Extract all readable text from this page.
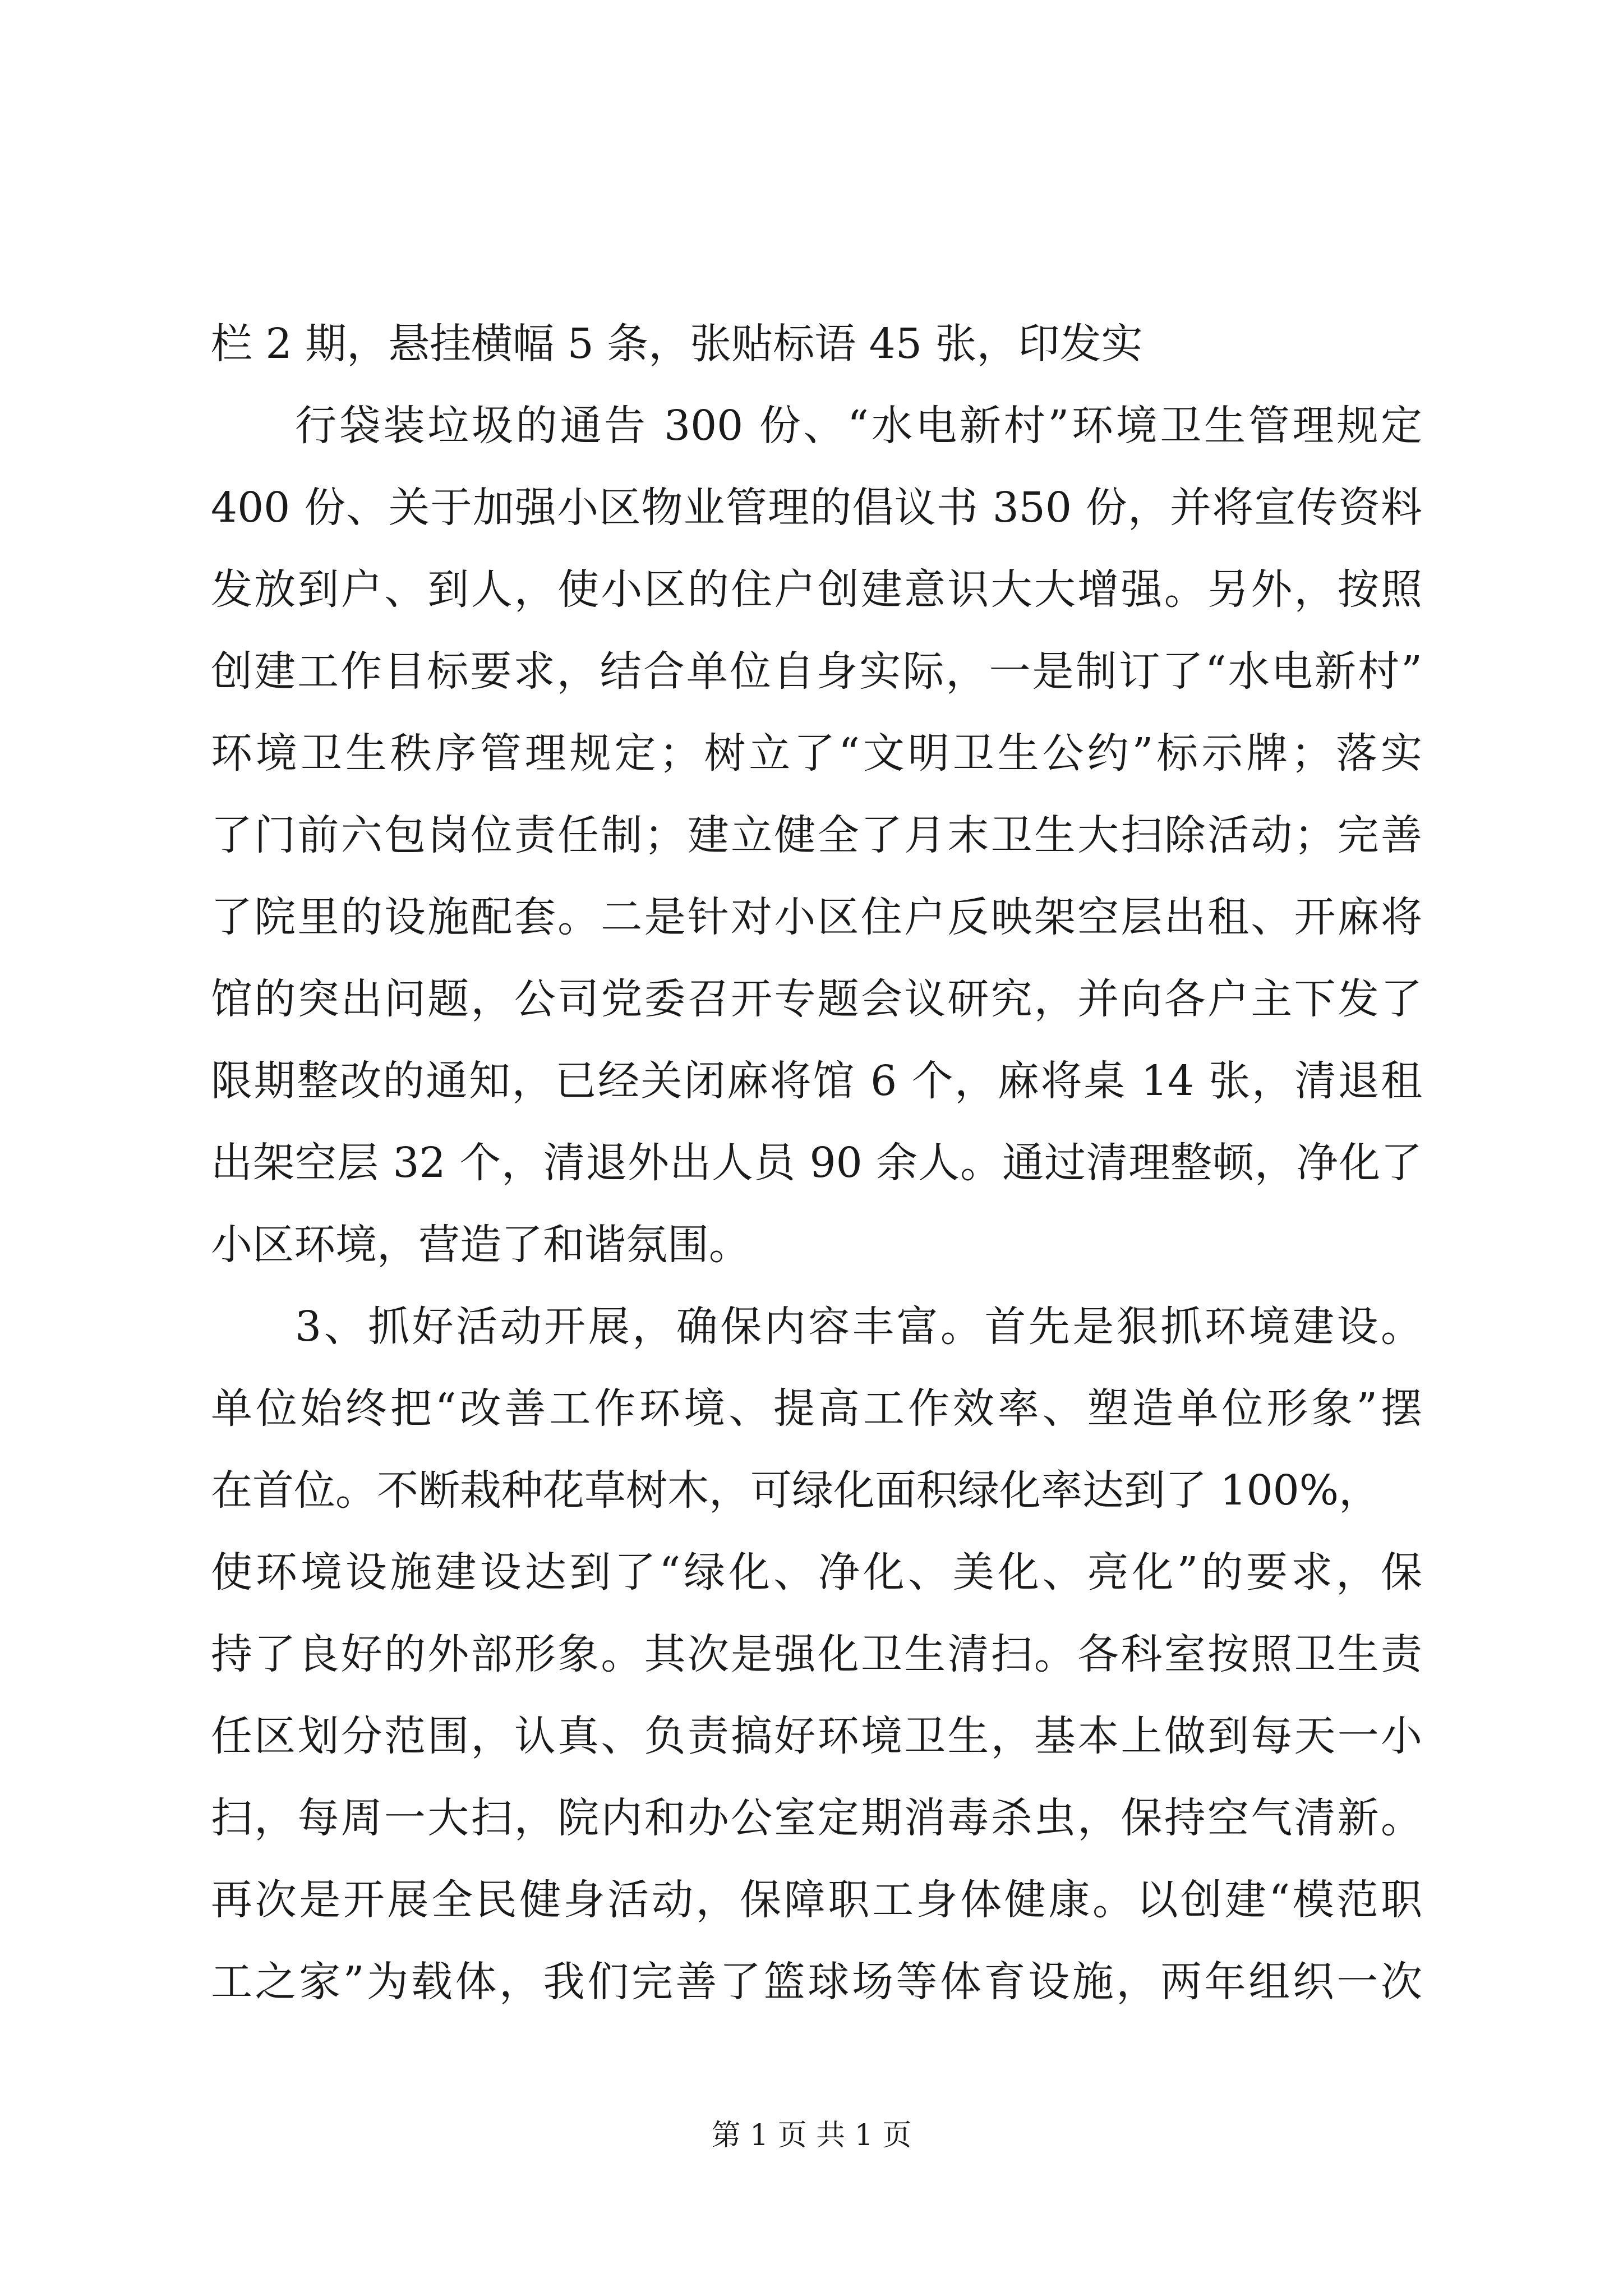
栏 2 期，悬挂横幅 5 条，张贴标语 45 张，印发实
行袋装垃圾的通告 300 份、“水电新村”环境卫生管理规定
400 份、关于加强小区物业管理的倡议书 350 份，并将宣传资料
发放到户、到人，使小区的住户创建意识大大增强。另外，按照
创建工作目标要求，结合单位自身实际，一是制订了“水电新村”
环境卫生秩序管理规定；树立了“文明卫生公约”标示牌；落实
了门前六包岗位责任制；建立健全了月末卫生大扫除活动；完善
了院里的设施配套。二是针对小区住户反映架空层出租、开麻将
馆的突出问题，公司党委召开专题会议研究，并向各户主下发了
限期整改的通知，已经关闭麻将馆 6 个，麻将桌 14 张，清退租
出架空层 32 个，清退外出人员 90 余人。通过清理整顿，净化了
小区环境，营造了和谐氛围。
3、抓好活动开展，确保内容丰富。首先是狠抓环境建设。
单位始终把“改善工作环境、提高工作效率、塑造单位形象”摆
在首位。不断栽种花草树木，可绿化面积绿化率达到了 100%，
使环境设施建设达到了“绿化、净化、美化、亮化”的要求，保
持了良好的外部形象。其次是强化卫生清扫。各科室按照卫生责
任区划分范围，认真、负责搞好环境卫生，基本上做到每天一小
扫，每周一大扫，院内和办公室定期消毒杀虫，保持空气清新。
再次是开展全民健身活动，保障职工身体健康。以创建“模范职
工之家”为载体，我们完善了篮球场等体育设施，两年组织一次
第 1 页 共 1 页
